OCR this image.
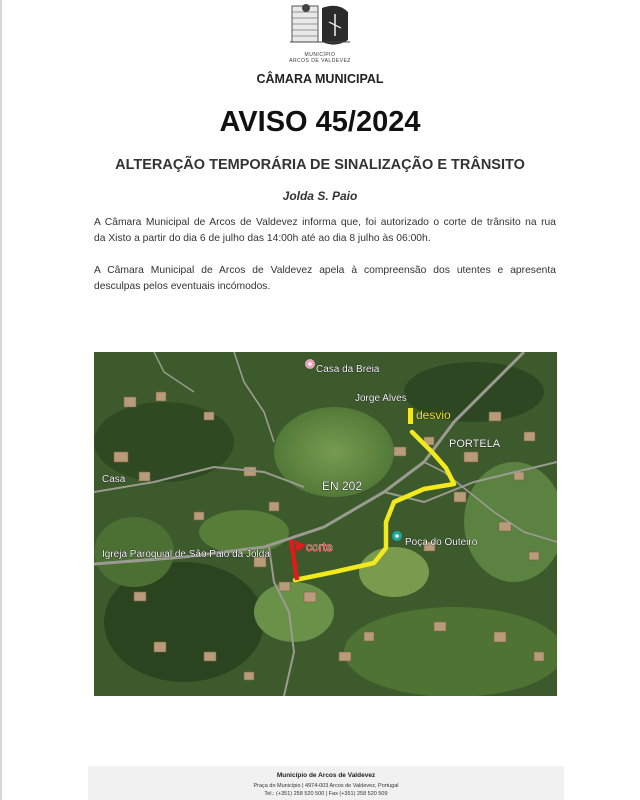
MUNICÍPIO
ARCOS DE VALDEVEZ
CÂMARA MUNICIPAL
AVISO 45/2024
ALTERAÇÃO TEMPORÁRIA DE SINALIZAÇÃO E TRÂNSITO
Jolda S. Paio
A Câmara Municipal de Arcos de Valdevez informa que, foi autorizado o corte de trânsito na rua
da Xisto a partir do dia 6 de julho das 14:00h até ao dia 8 julho às 06:00h.
A Câmara Municipal de Arcos de Valdevez apela à compreensão dos utentes e apresenta
desculpas pelos eventuais incómodos.
Casa da Breia
Jorge Alves
PORTELA
Casa	EN 202
Poça do Outeiro
Igreja Paroquial de São Paio da Jolda
desvio
corte
Município de Arcos de Valdevez
Praça do Município | 4974-003 Arcos de Valdevez, Portugal
Tel.: (+351) 258 520 500 | Fax (+351) 258 520 509
